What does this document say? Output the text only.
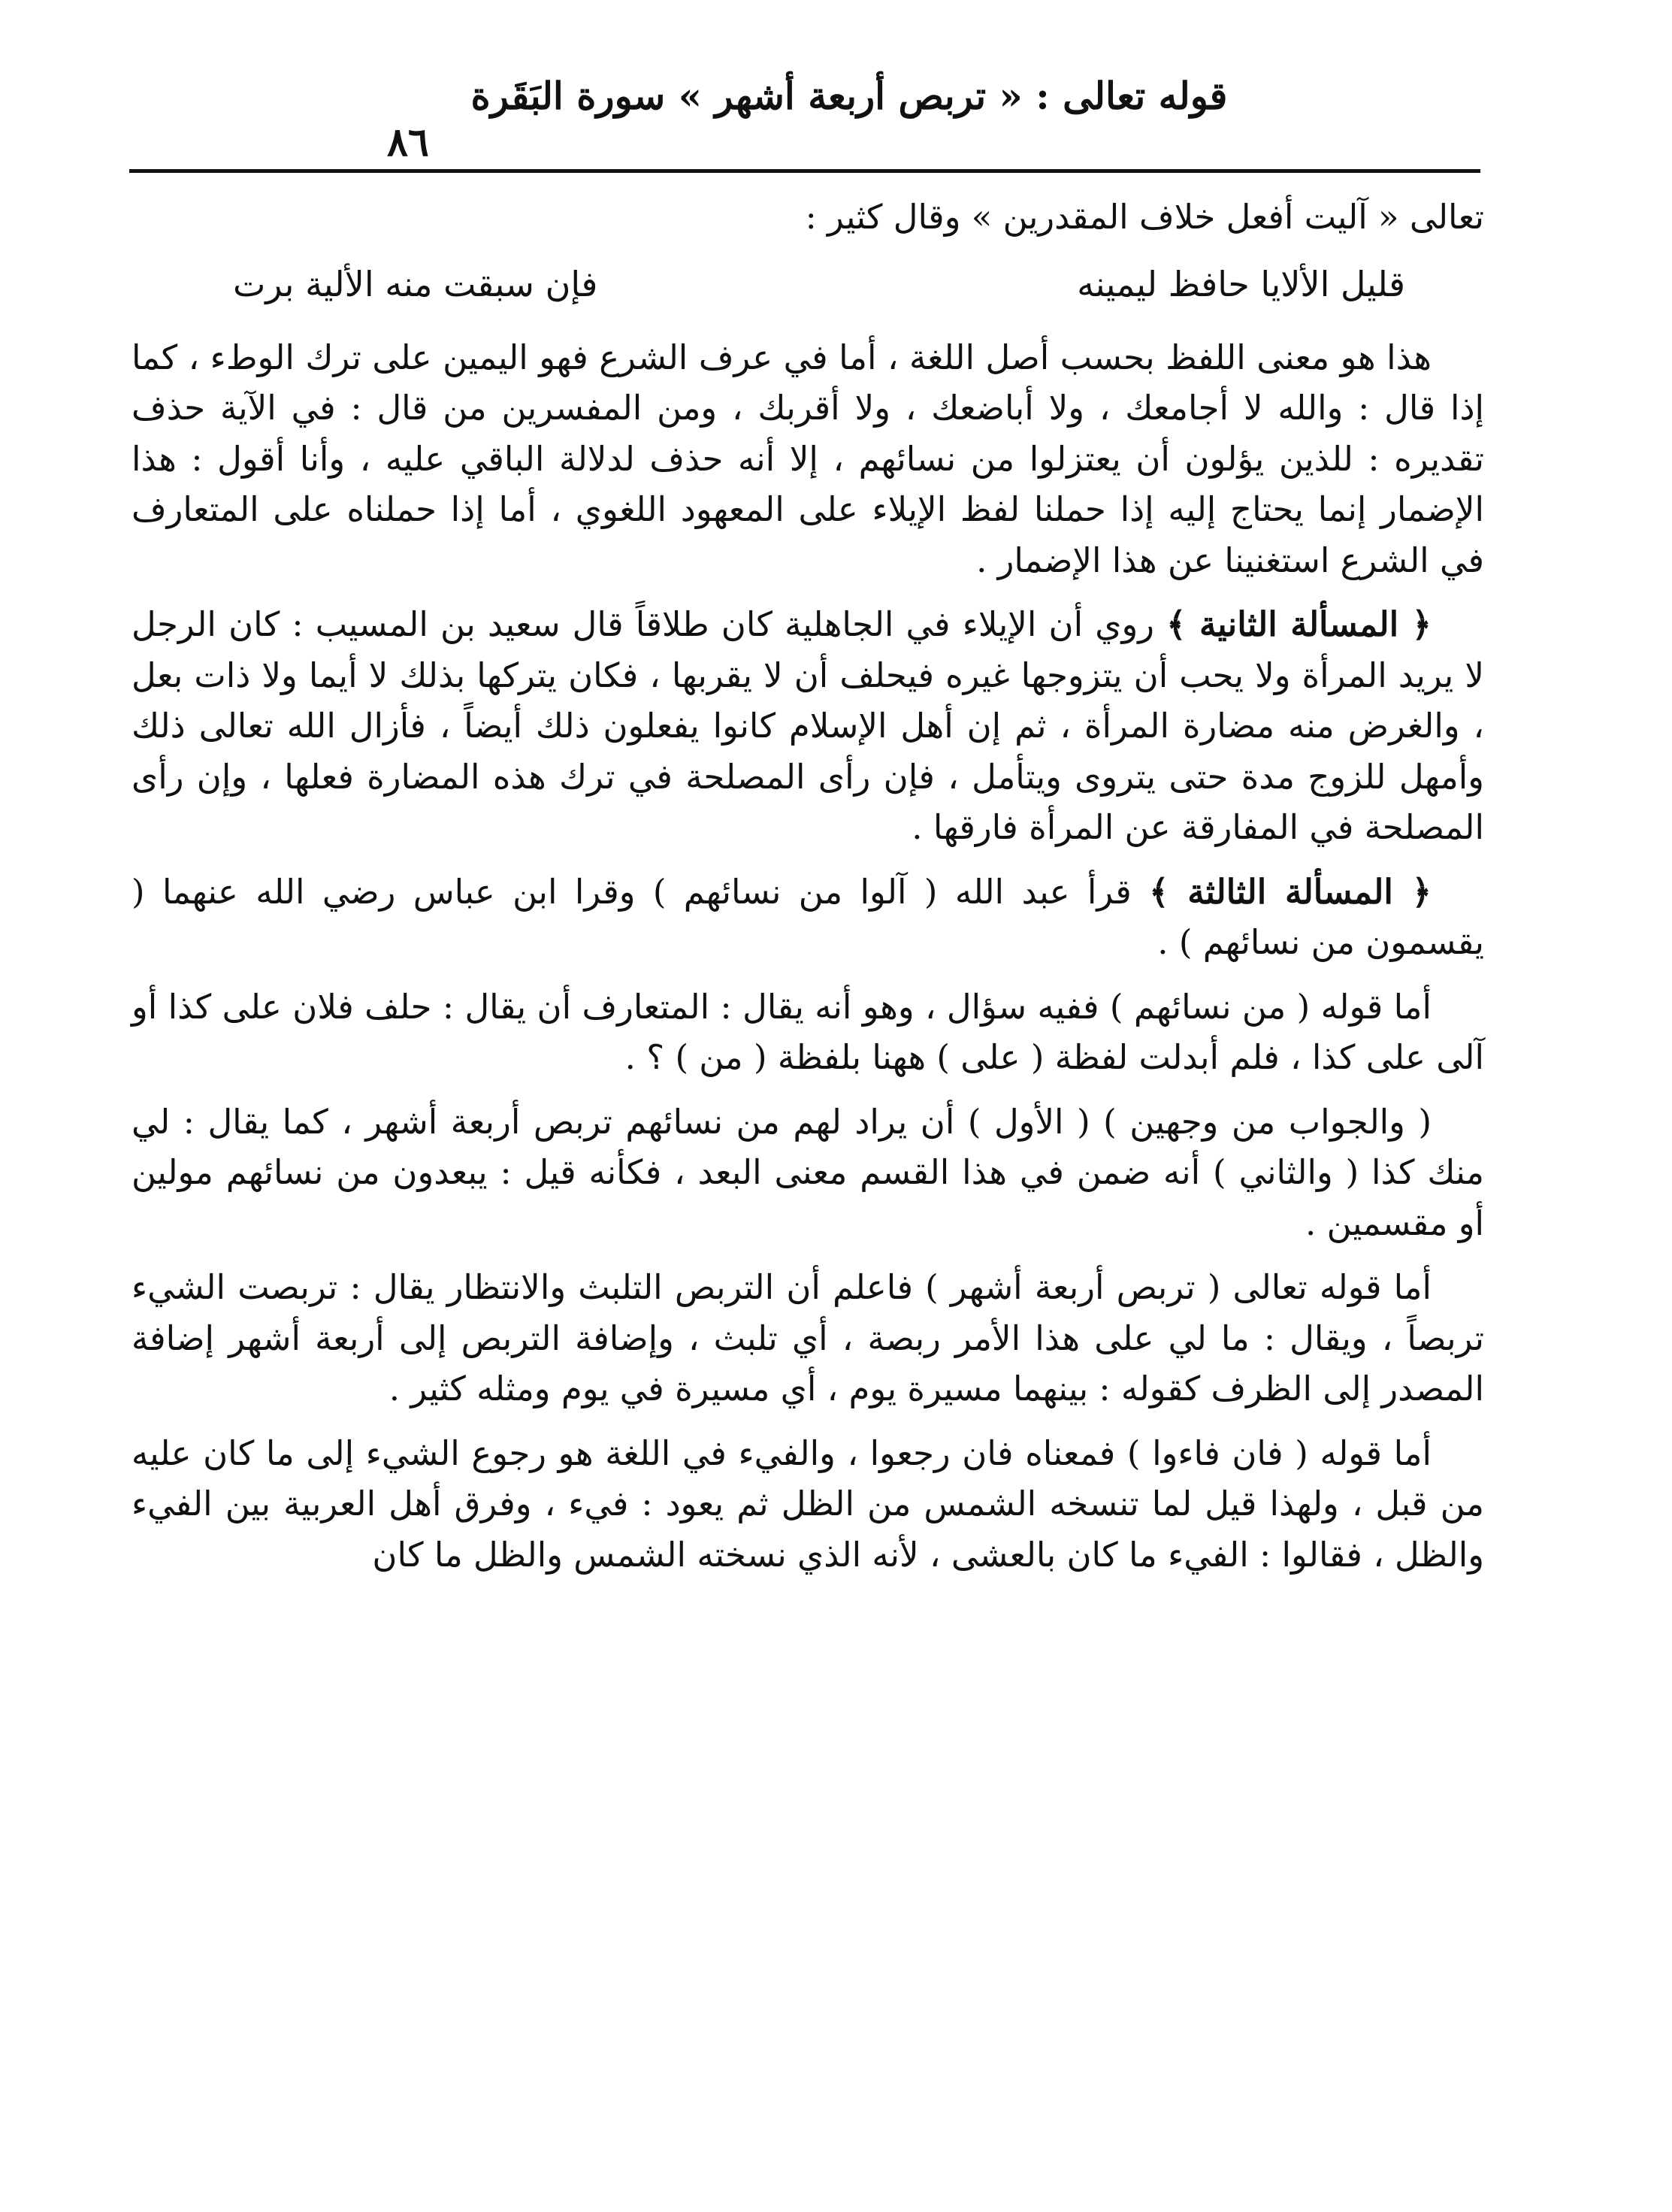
قوله تعالى : « تربص أربعة أشهر » سورة البَقَرة
٨٦

تعالى « آليت أفعل خلاف المقدرين » وقال كثير :

قليل الألايا حافظ ليمينه
فإن سبقت منه الألية برت

هذا هو معنى اللفظ بحسب أصل اللغة ، أما في عرف الشرع فهو اليمين على ترك الوطء ، كما إذا قال : والله لا أجامعك ، ولا أباضعك ، ولا أقربك ، ومن المفسرين من قال : في الآية حذف تقديره : للذين يؤلون أن يعتزلوا من نسائهم ، إلا أنه حذف لدلالة الباقي عليه ، وأنا أقول : هذا الإضمار إنما يحتاج إليه إذا حملنا لفظ الإيلاء على المعهود اللغوي ، أما إذا حملناه على المتعارف في الشرع استغنينا عن هذا الإضمار .

﴿ المسألة الثانية ﴾ روي أن الإيلاء في الجاهلية كان طلاقاً قال سعيد بن المسيب : كان الرجل لا يريد المرأة ولا يحب أن يتزوجها غيره فيحلف أن لا يقربها ، فكان يتركها بذلك لا أيما ولا ذات بعل ، والغرض منه مضارة المرأة ، ثم إن أهل الإسلام كانوا يفعلون ذلك أيضاً ، فأزال الله تعالى ذلك وأمهل للزوج مدة حتى يتروى ويتأمل ، فإن رأى المصلحة في ترك هذه المضارة فعلها ، وإن رأى المصلحة في المفارقة عن المرأة فارقها .

﴿ المسألة الثالثة ﴾ قرأ عبد الله ( آلوا من نسائهم ) وقرا ابن عباس رضي الله عنهما ( يقسمون من نسائهم ) .

أما قوله ( من نسائهم ) ففيه سؤال ، وهو أنه يقال : المتعارف أن يقال : حلف فلان على كذا أو آلى على كذا ، فلم أبدلت لفظة ( على ) ههنا بلفظة ( من ) ؟ .

( والجواب من وجهين ) ( الأول ) أن يراد لهم من نسائهم تربص أربعة أشهر ، كما يقال : لي منك كذا ( والثاني ) أنه ضمن في هذا القسم معنى البعد ، فكأنه قيل : يبعدون من نسائهم مولين أو مقسمين .

أما قوله تعالى ( تربص أربعة أشهر ) فاعلم أن التربص التلبث والانتظار يقال : تربصت الشيء تربصاً ، ويقال : ما لي على هذا الأمر ربصة ، أي تلبث ، وإضافة التربص إلى أربعة أشهر إضافة المصدر إلى الظرف كقوله : بينهما مسيرة يوم ، أي مسيرة في يوم ومثله كثير .

أما قوله ( فان فاءوا ) فمعناه فان رجعوا ، والفيء في اللغة هو رجوع الشيء إلى ما كان عليه من قبل ، ولهذا قيل لما تنسخه الشمس من الظل ثم يعود : فيء ، وفرق أهل العربية بين الفيء والظل ، فقالوا : الفيء ما كان بالعشى ، لأنه الذي نسخته الشمس والظل ما كان
